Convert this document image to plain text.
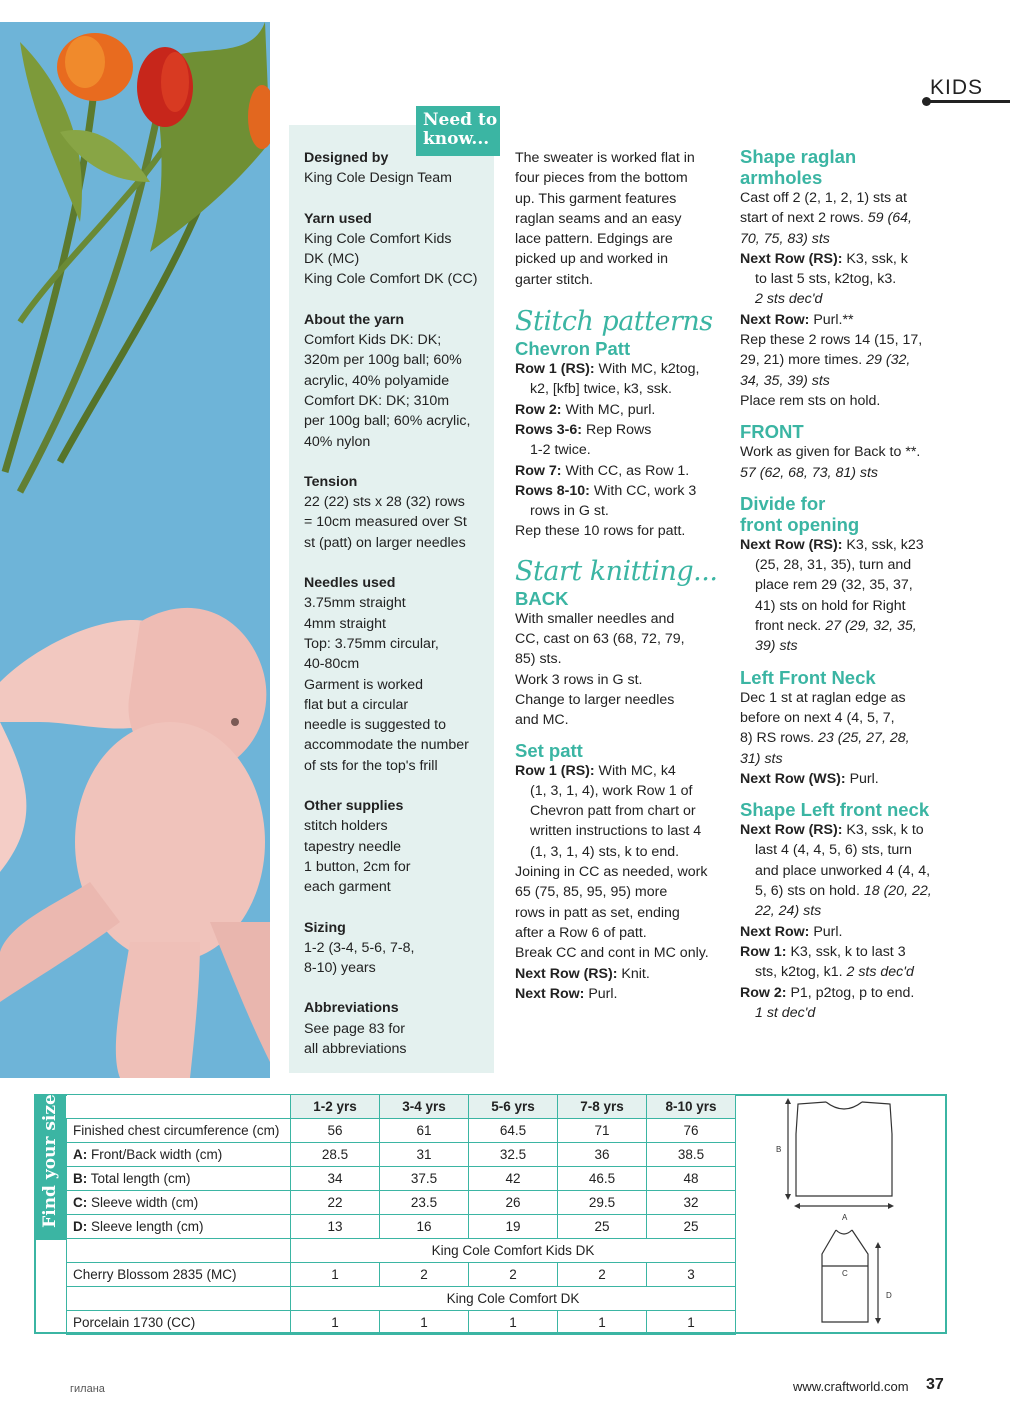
KIDS
Need to
know...

Designed by

King Cole Design Team

Yarn used

King Cole Comfort Kids

DK (MC)

King Cole Comfort DK (CC)

About the yarn

Comfort Kids DK: DK;

320m per 100g ball; 60%

acrylic, 40% polyamide

Comfort DK: DK; 310m

per 100g ball; 60% acrylic,

40% nylon

Tension

22 (22) sts x 28 (32) rows

= 10cm measured over St

st (patt) on larger needles

Needles used

3.75mm straight

4mm straight

Top: 3.75mm circular,

40-80cm

Garment is worked

flat but a circular

needle is suggested to

accommodate the number

of sts for the top's frill

Other supplies

stitch holders

tapestry needle

1 button, 2cm for

each garment

Sizing

1-2 (3-4, 5-6, 7-8,

8-10) years

Abbreviations

See page 83 for

all abbreviations

The sweater is worked flat in

four pieces from the bottom

up. This garment features

raglan seams and an easy

lace pattern. Edgings are

picked up and worked in

garter stitch.

Stitch patterns

Chevron Patt

Row 1 (RS): With MC, k2tog,

k2, [kfb] twice, k3, ssk.

Row 2: With MC, purl.

Rows 3-6: Rep Rows

1-2 twice.

Row 7: With CC, as Row 1.

Rows 8-10: With CC, work 3

rows in G st.

Rep these 10 rows for patt.

Start knitting...

BACK

With smaller needles and

CC, cast on 63 (68, 72, 79,

85) sts.

Work 3 rows in G st.

Change to larger needles

and MC.

Set patt

Row 1 (RS): With MC, k4

(1, 3, 1, 4), work Row 1 of

Chevron patt from chart or

written instructions to last 4

(1, 3, 1, 4) sts, k to end.

Joining in CC as needed, work

65 (75, 85, 95, 95) more

rows in patt as set, ending

after a Row 6 of patt.

Break CC and cont in MC only.

Next Row (RS): Knit.

Next Row: Purl.

Shape raglan

armholes

Cast off 2 (2, 1, 2, 1) sts at

start of next 2 rows. 59 (64,

70, 75, 83) sts

Next Row (RS): K3, ssk, k

to last 5 sts, k2tog, k3.

2 sts dec'd

Next Row: Purl.**

Rep these 2 rows 14 (15, 17,

29, 21) more times. 29 (32,

34, 35, 39) sts

Place rem sts on hold.

FRONT

Work as given for Back to **.

57 (62, 68, 73, 81) sts

Divide for

front opening

Next Row (RS): K3, ssk, k23

(25, 28, 31, 35), turn and

place rem 29 (32, 35, 37,

41) sts on hold for Right

front neck. 27 (29, 32, 35,

39) sts

Left Front Neck

Dec 1 st at raglan edge as

before on next 4 (4, 5, 7,

8) RS rows. 23 (25, 27, 28,

31) sts

Next Row (WS): Purl.

Shape Left front neck

Next Row (RS): K3, ssk, k to

last 4 (4, 4, 5, 6) sts, turn

and place unworked 4 (4, 4,

5, 6) sts on hold. 18 (20, 22,

22, 24) sts

Next Row: Purl.

Row 1: K3, ssk, k to last 3

sts, k2tog, k1. 2 sts dec'd

Row 2: P1, p2tog, p to end.

1 st dec'd

Find your size
		1-2 yrs	3-4 yrs	5-6 yrs	7-8 yrs	8-10 yrs
Finished chest circumference (cm)	56	61	64.5	71	76
A: Front/Back width (cm)	28.5	31	32.5	36	38.5
B: Total length (cm)	34	37.5	42	46.5	48
C: Sleeve width (cm)	22	23.5	26	29.5	32
D: Sleeve length (cm)	13	16	19	25	25
	King Cole Comfort Kids DK				
Cherry Blossom 2835 (MC)	1	2	2	2	3
	King Cole Comfort DK				
Porcelain 1730 (CC)	1	1	1	1	1
B
A
C
D
гилана	www.craftworld.com 37
